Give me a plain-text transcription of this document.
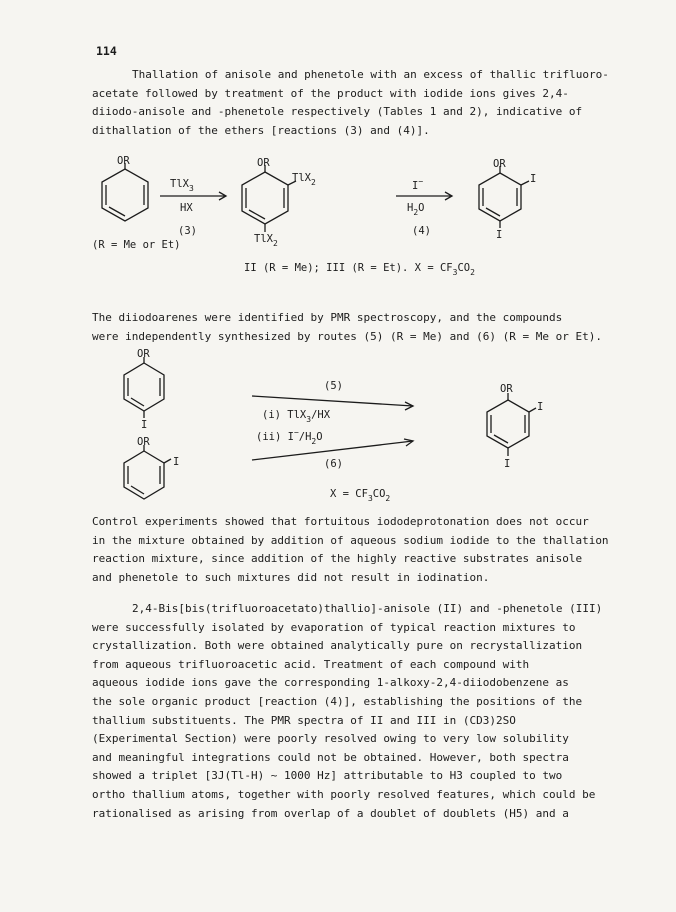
114
Thallation of anisole and phenetole with an excess of thallic trifluoro-
acetate followed by treatment of the product with iodide ions gives 2,4-
diiodo-anisole and -phenetole respectively (Tables 1 and 2), indicative of
dithallation of the ethers [reactions (3) and (4)].
OR
TlX$_3$
HX
(3)
OR
TlX$_2$
TlX$_2$
I−
$H_2O$
(4)
OR
I
I
(R = Me or Et)
II (R = Me); III (R = Et). $X = CF_3CO_2$
The diiodoarenes were identified by PMR spectroscopy, and the compounds
were independently synthesized by routes (5) (R = Me) and (6) (R = Me or Et).
OR
I
OR
I
(5)
(i) TlX$_3$/HX
(ii) $I^-/H_2O$
(6)
OR
I
I
$X = CF_3CO_2$
Control experiments showed that fortuitous iododeprotonation does not occur
in the mixture obtained by addition of aqueous sodium iodide to the thallation
reaction mixture, since addition of the highly reactive substrates anisole
and phenetole to such mixtures did not result in iodination.
2,4-Bis[bis(trifluoroacetato)thallio]-anisole (II) and -phenetole (III)
were successfully isolated by evaporation of typical reaction mixtures to
crystallization. Both were obtained analytically pure on recrystallization
from aqueous trifluoroacetic acid. Treatment of each compound with
aqueous iodide ions gave the corresponding 1-alkoxy-2,4-diiodobenzene as
the sole organic product [reaction (4)], establishing the positions of the
thallium substituents. The PMR spectra of II and III in (CD3)2SO
(Experimental Section) were poorly resolved owing to very low solubility
and meaningful integrations could not be obtained. However, both spectra
showed a triplet [3J(Tl-H) ~ 1000 Hz] attributable to H3 coupled to two
ortho thallium atoms, together with poorly resolved features, which could be
rationalised as arising from overlap of a doublet of doublets (H5) and a
